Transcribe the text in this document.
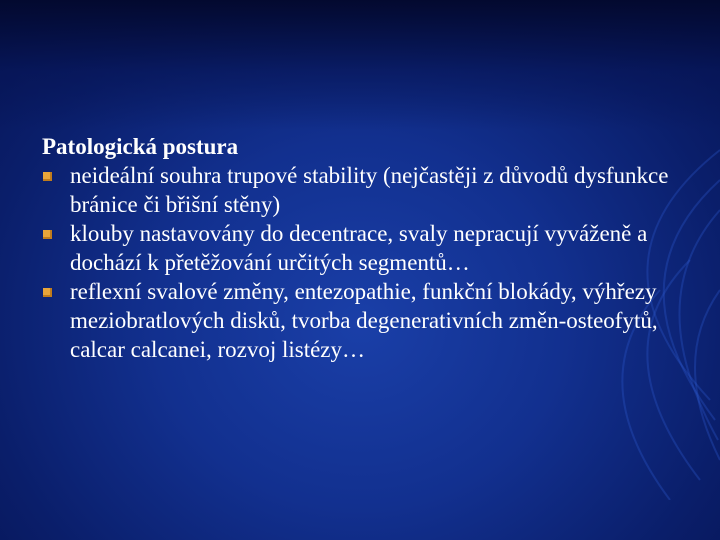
Patologická postura
neideální souhra trupové stability (nejčastěji z důvodů dysfunkce bránice či břišní stěny)
klouby nastavovány do decentrace, svaly nepracují vyváženě a dochází k přetěžování určitých segmentů…
reflexní svalové změny, entezopathie, funkční blokády, výhřezy meziobratlových disků, tvorba degenerativních změn-osteofytů, calcar calcanei, rozvoj listézy…
